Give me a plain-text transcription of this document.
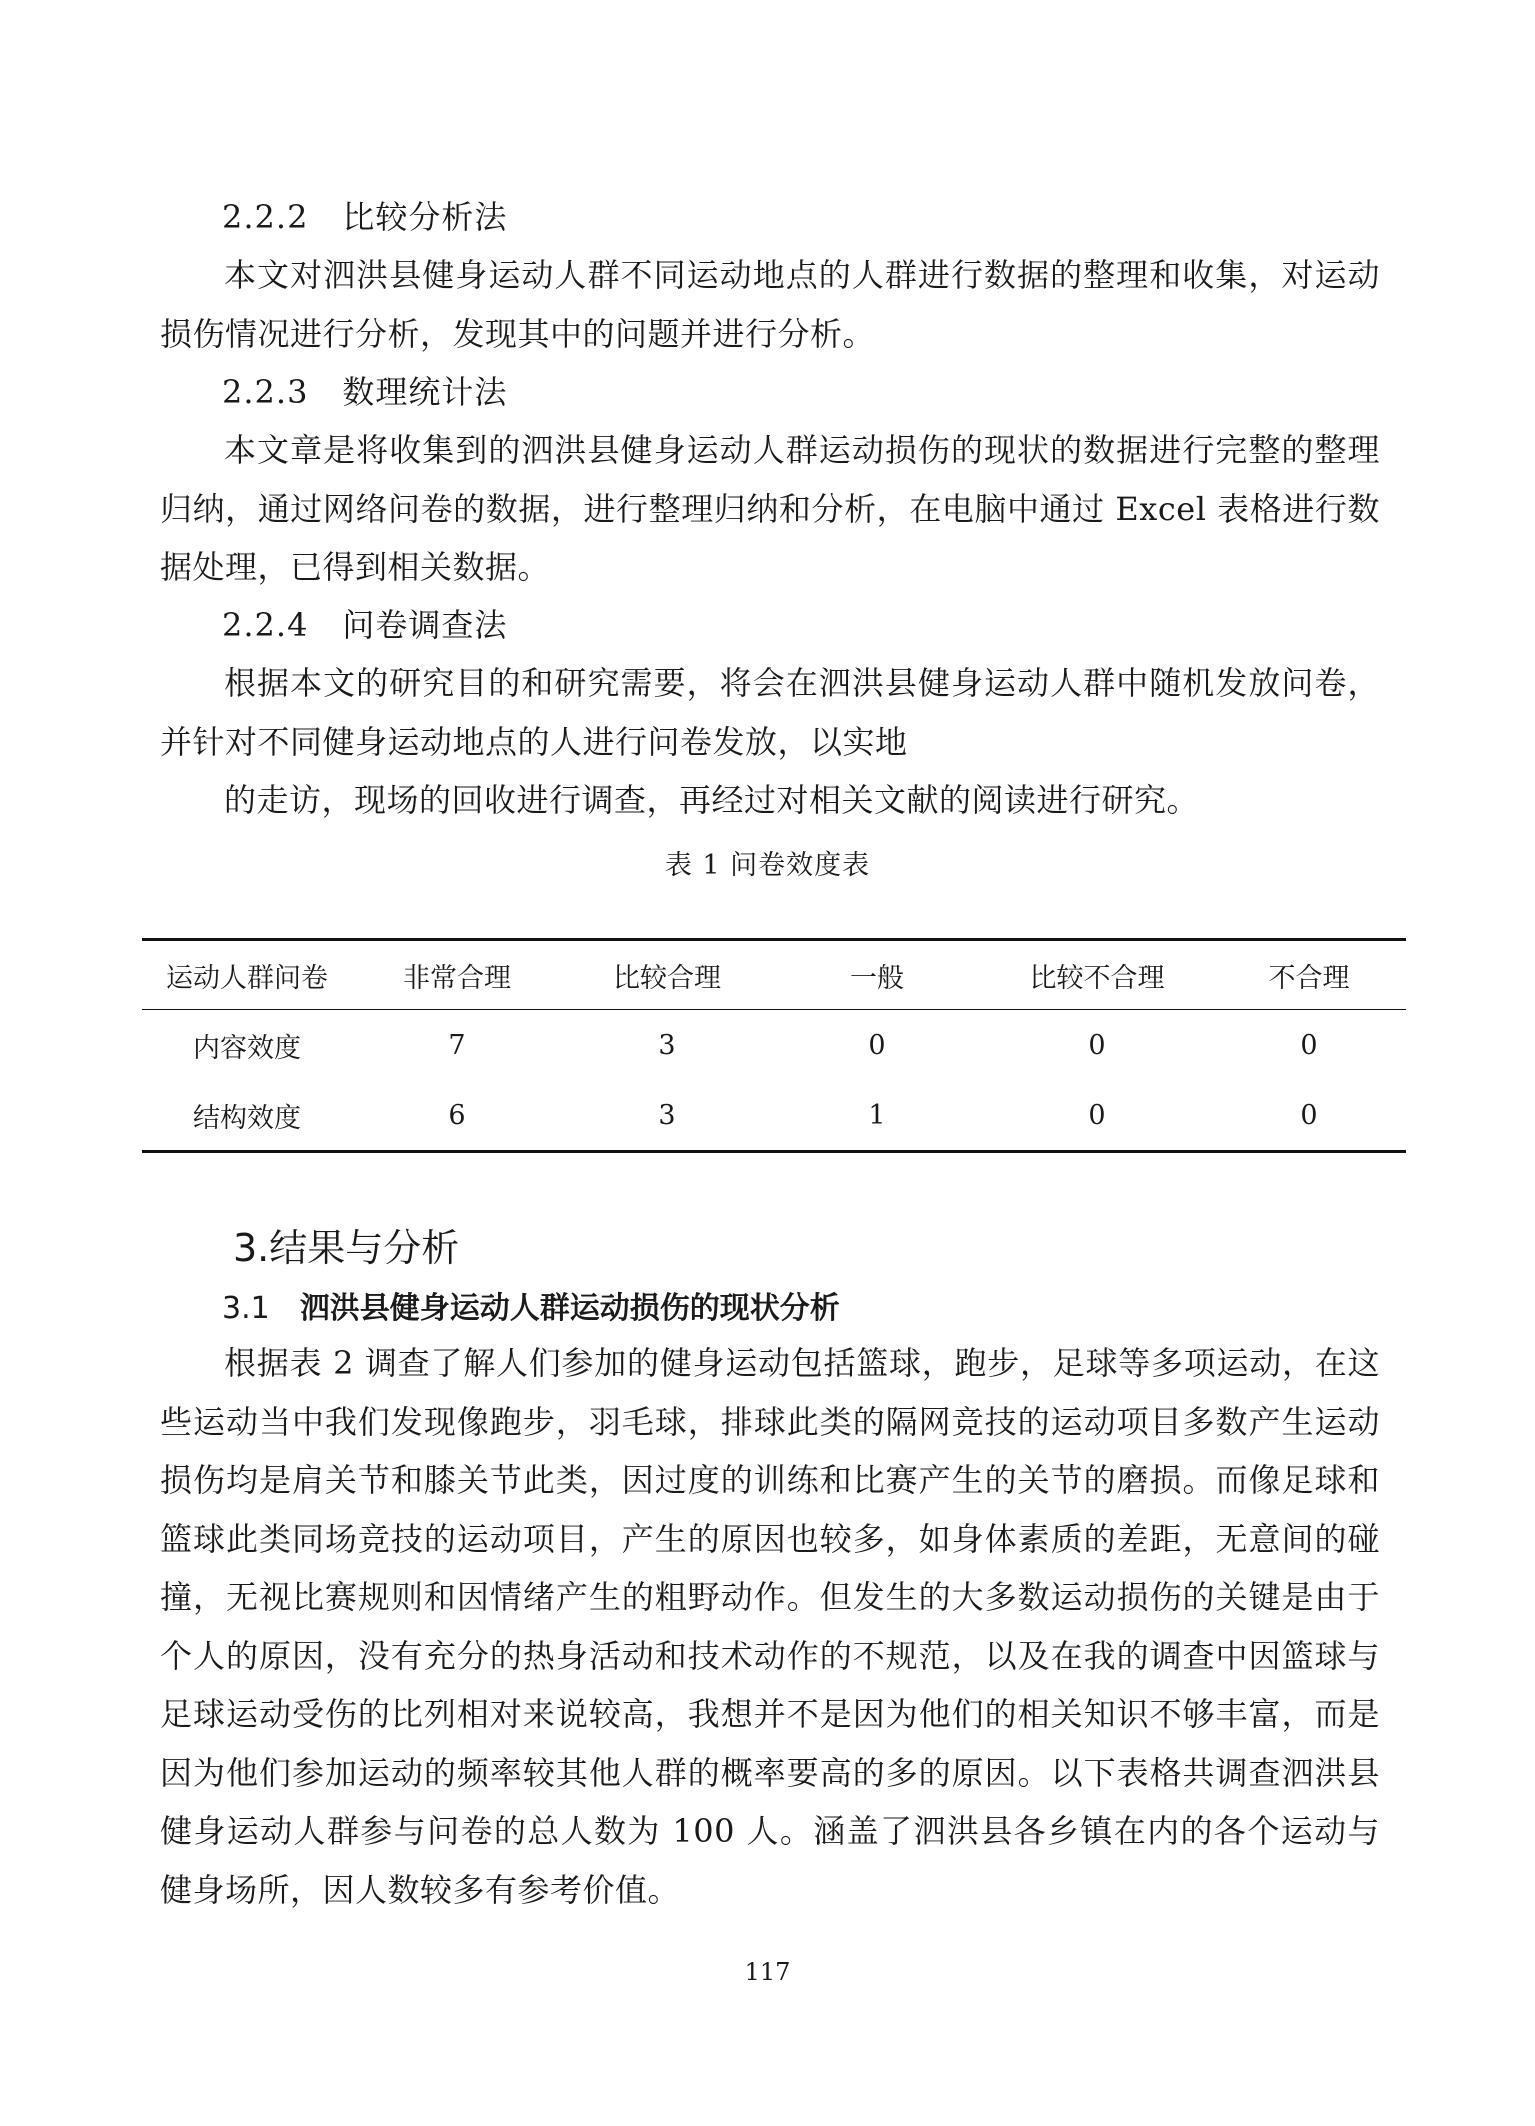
2.2.2 比较分析法

本文对泗洪县健身运动人群不同运动地点的人群进行数据的整理和收集，对运动损伤情况进行分析，发现其中的问题并进行分析。

2.2.3 数理统计法

本文章是将收集到的泗洪县健身运动人群运动损伤的现状的数据进行完整的整理归纳，通过网络问卷的数据，进行整理归纳和分析，在电脑中通过 Excel 表格进行数据处理，已得到相关数据。

2.2.4 问卷调查法

根据本文的研究目的和研究需要，将会在泗洪县健身运动人群中随机发放问卷，并针对不同健身运动地点的人进行问卷发放，以实地

的走访，现场的回收进行调查，再经过对相关文献的阅读进行研究。

表 1 问卷效度表
运动人群问卷	非常合理	比较合理	一般	比较不合理	不合理
内容效度	7	3	0	0	0
结构效度	6	3	1	0	0
3.结果与分析
3.1 泗洪县健身运动人群运动损伤的现状分析

根据表 2 调查了解人们参加的健身运动包括篮球，跑步，足球等多项运动，在这些运动当中我们发现像跑步，羽毛球，排球此类的隔网竞技的运动项目多数产生运动损伤均是肩关节和膝关节此类，因过度的训练和比赛产生的关节的磨损。而像足球和篮球此类同场竞技的运动项目，产生的原因也较多，如身体素质的差距，无意间的碰撞，无视比赛规则和因情绪产生的粗野动作。但发生的大多数运动损伤的关键是由于个人的原因，没有充分的热身活动和技术动作的不规范，以及在我的调查中因篮球与足球运动受伤的比列相对来说较高，我想并不是因为他们的相关知识不够丰富，而是因为他们参加运动的频率较其他人群的概率要高的多的原因。以下表格共调查泗洪县健身运动人群参与问卷的总人数为 100 人。涵盖了泗洪县各乡镇在内的各个运动与健身场所，因人数较多有参考价值。

117
